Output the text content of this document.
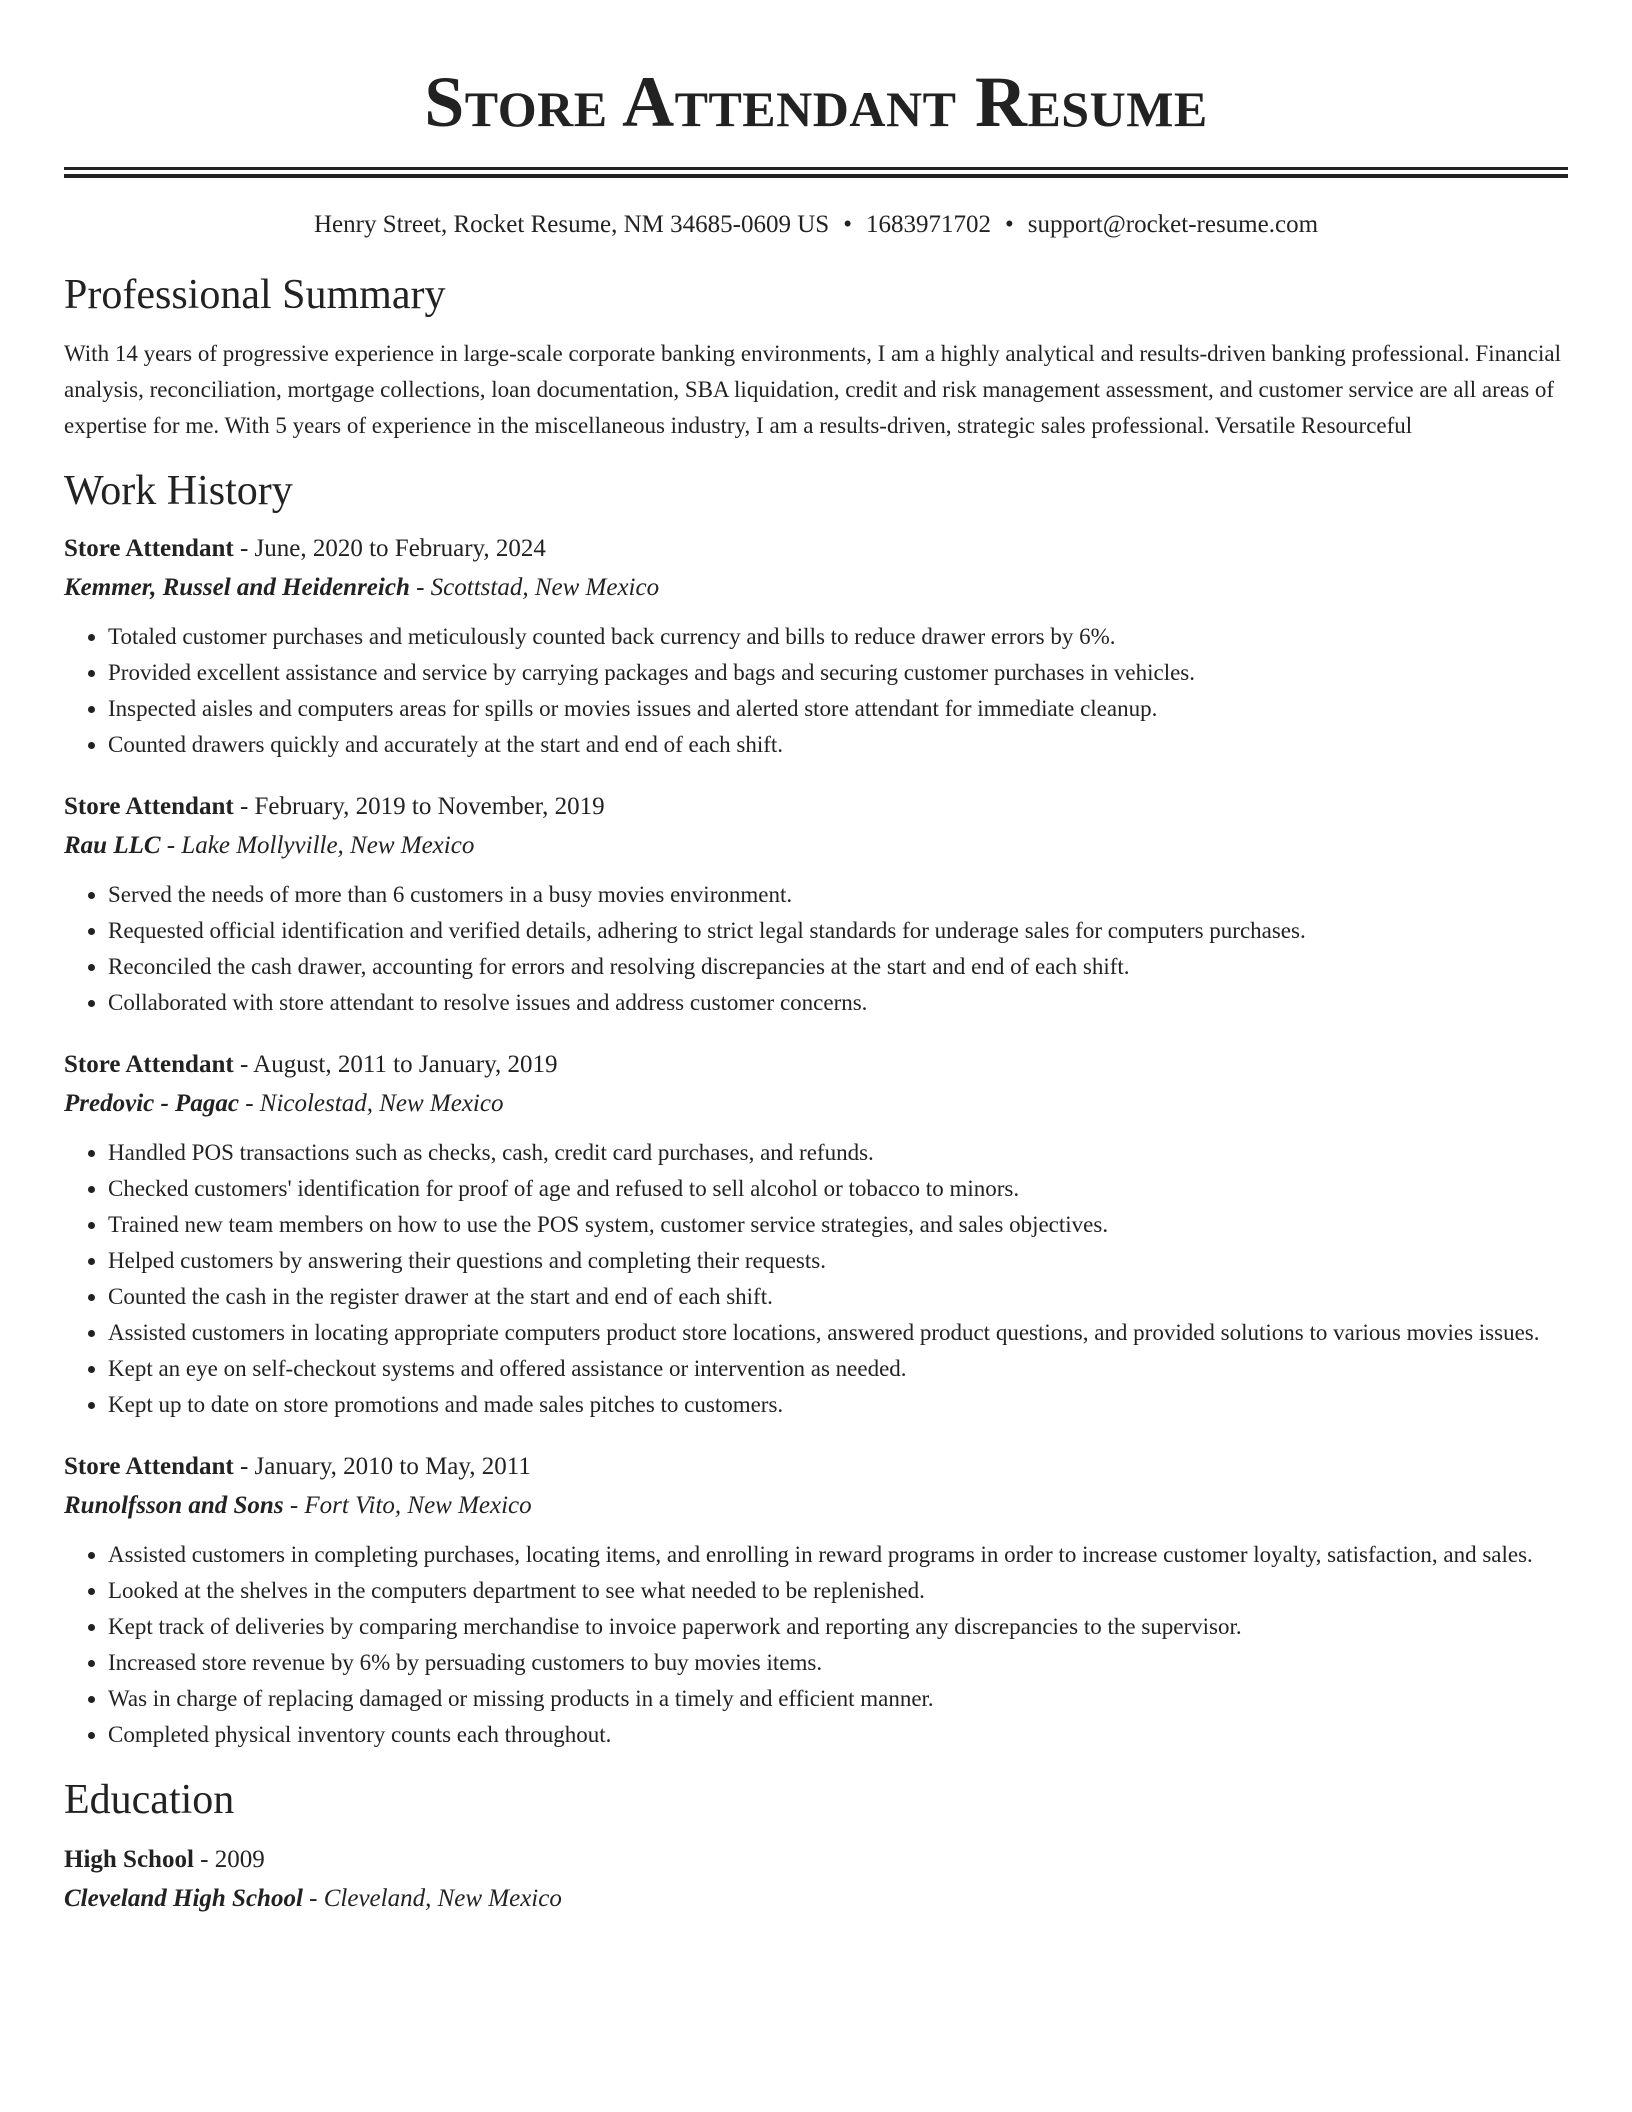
Store Attendant Resume
Henry Street, Rocket Resume, NM 34685-0609 US • 1683971702 • support@rocket-resume.com
Professional Summary

With 14 years of progressive experience in large-scale corporate banking environments, I am a highly analytical and results-driven banking professional. Financial analysis, reconciliation, mortgage collections, loan documentation, SBA liquidation, credit and risk management assessment, and customer service are all areas of expertise for me. With 5 years of experience in the miscellaneous industry, I am a results-driven, strategic sales professional. Versatile Resourceful

Work History
Store Attendant - June, 2020 to February, 2024
Kemmer, Russel and Heidenreich - Scottstad, New Mexico
• Totaled customer purchases and meticulously counted back currency and bills to reduce drawer errors by 6%.
• Provided excellent assistance and service by carrying packages and bags and securing customer purchases in vehicles.
• Inspected aisles and computers areas for spills or movies issues and alerted store attendant for immediate cleanup.
• Counted drawers quickly and accurately at the start and end of each shift.
Store Attendant - February, 2019 to November, 2019
Rau LLC - Lake Mollyville, New Mexico
• Served the needs of more than 6 customers in a busy movies environment.
• Requested official identification and verified details, adhering to strict legal standards for underage sales for computers purchases.
• Reconciled the cash drawer, accounting for errors and resolving discrepancies at the start and end of each shift.
• Collaborated with store attendant to resolve issues and address customer concerns.
Store Attendant - August, 2011 to January, 2019
Predovic - Pagac - Nicolestad, New Mexico
• Handled POS transactions such as checks, cash, credit card purchases, and refunds.
• Checked customers' identification for proof of age and refused to sell alcohol or tobacco to minors.
• Trained new team members on how to use the POS system, customer service strategies, and sales objectives.
• Helped customers by answering their questions and completing their requests.
• Counted the cash in the register drawer at the start and end of each shift.
• Assisted customers in locating appropriate computers product store locations, answered product questions, and provided solutions to various movies issues.
• Kept an eye on self-checkout systems and offered assistance or intervention as needed.
• Kept up to date on store promotions and made sales pitches to customers.
Store Attendant - January, 2010 to May, 2011
Runolfsson and Sons - Fort Vito, New Mexico
• Assisted customers in completing purchases, locating items, and enrolling in reward programs in order to increase customer loyalty, satisfaction, and sales.
• Looked at the shelves in the computers department to see what needed to be replenished.
• Kept track of deliveries by comparing merchandise to invoice paperwork and reporting any discrepancies to the supervisor.
• Increased store revenue by 6% by persuading customers to buy movies items.
• Was in charge of replacing damaged or missing products in a timely and efficient manner.
• Completed physical inventory counts each throughout.
Education
High School - 2009
Cleveland High School - Cleveland, New Mexico
